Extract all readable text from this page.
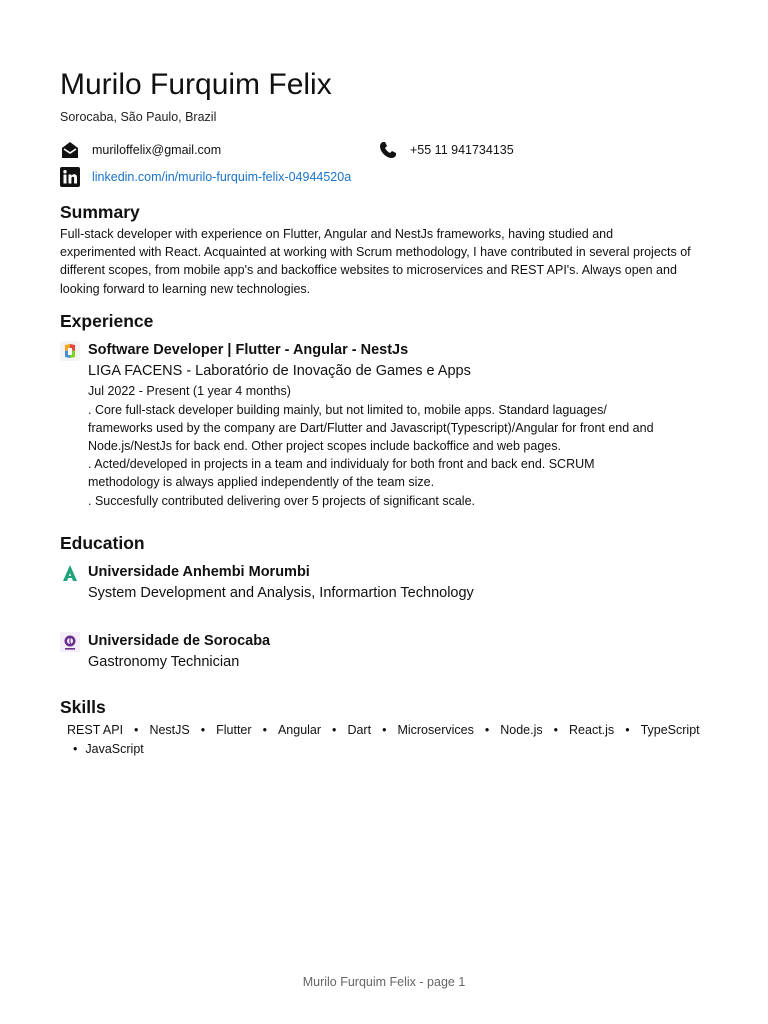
Murilo Furquim Felix
Sorocaba, São Paulo, Brazil
muriloffelix@gmail.com	+55 11 941734135
linkedin.com/in/murilo-furquim-felix-04944520a
Summary
Full-stack developer with experience on Flutter, Angular and NestJs frameworks, having studied and
experimented with React. Acquainted at working with Scrum methodology, I have contributed in several projects of
different scopes, from mobile app's and backoffice websites to microservices and REST API's. Always open and
looking forward to learning new technologies.
Experience
Software Developer | Flutter - Angular - NestJs
LIGA FACENS - Laboratório de Inovação de Games e Apps
Jul 2022 - Present (1 year 4 months)
. Core full-stack developer building mainly, but not limited to, mobile apps. Standard laguages/
frameworks used by the company are Dart/Flutter and Javascript(Typescript)/Angular for front end and
Node.js/NestJs for back end. Other project scopes include backoffice and web pages.
. Acted/developed in projects in a team and individualy for both front and back end. SCRUM
methodology is always applied independently of the team size.
. Succesfully contributed delivering over 5 projects of significant scale.
Education
Universidade Anhembi Morumbi
System Development and Analysis, Informartion Technology
Universidade de Sorocaba
Gastronomy Technician
Skills
REST API • NestJS • Flutter • Angular • Dart • Microservices • Node.js • React.js • TypeScript
• JavaScript
Murilo Furquim Felix - page 1
